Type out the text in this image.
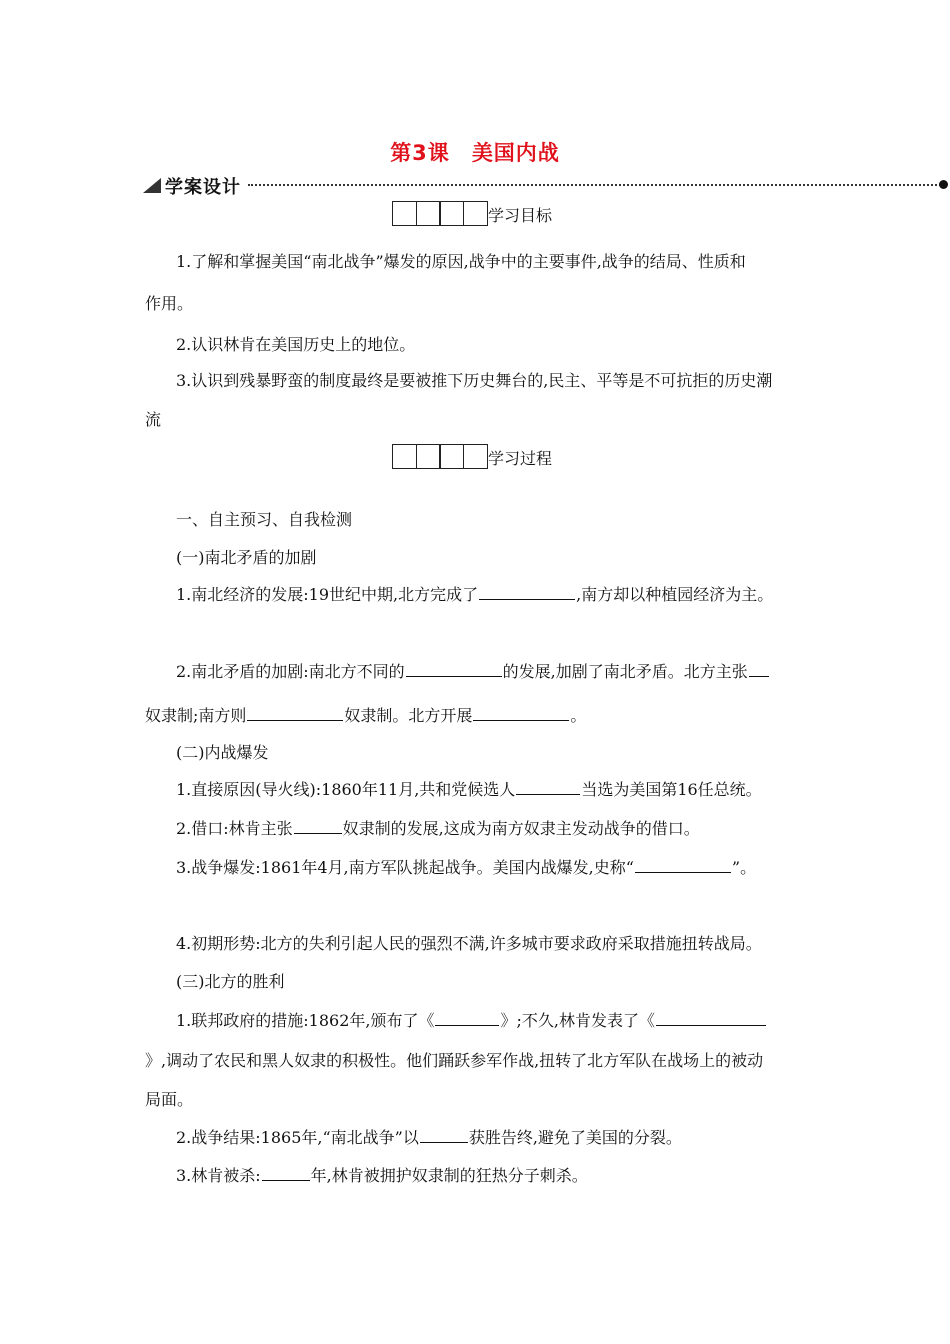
第3课 美国内战
学案设计
学习目标
1.了解和掌握美国“南北战争”爆发的原因,战争中的主要事件,战争的结局、性质和
作用。
2.认识林肯在美国历史上的地位。
3.认识到残暴野蛮的制度最终是要被推下历史舞台的,民主、平等是不可抗拒的历史潮
流
学习过程
一、自主预习、自我检测
(一)南北矛盾的加剧
1.南北经济的发展:19世纪中期,北方完成了	,南方却以种植园经济为主。
2.南北矛盾的加剧:南北方不同的	的发展,加剧了南北矛盾。北方主张
奴隶制;南方则	奴隶制。北方开展	。
(二)内战爆发
1.直接原因(导火线):1860年11月,共和党候选人	当选为美国第16任总统。
2.借口:林肯主张	奴隶制的发展,这成为南方奴隶主发动战争的借口。
3.战争爆发:1861年4月,南方军队挑起战争。美国内战爆发,史称“	”。
4.初期形势:北方的失利引起人民的强烈不满,许多城市要求政府采取措施扭转战局。
(三)北方的胜利
1.联邦政府的措施:1862年,颁布了《	》;不久,林肯发表了《
》,调动了农民和黑人奴隶的积极性。他们踊跃参军作战,扭转了北方军队在战场上的被动
局面。
2.战争结果:1865年,“南北战争”以	获胜告终,避免了美国的分裂。
3.林肯被杀:	年,林肯被拥护奴隶制的狂热分子刺杀。
